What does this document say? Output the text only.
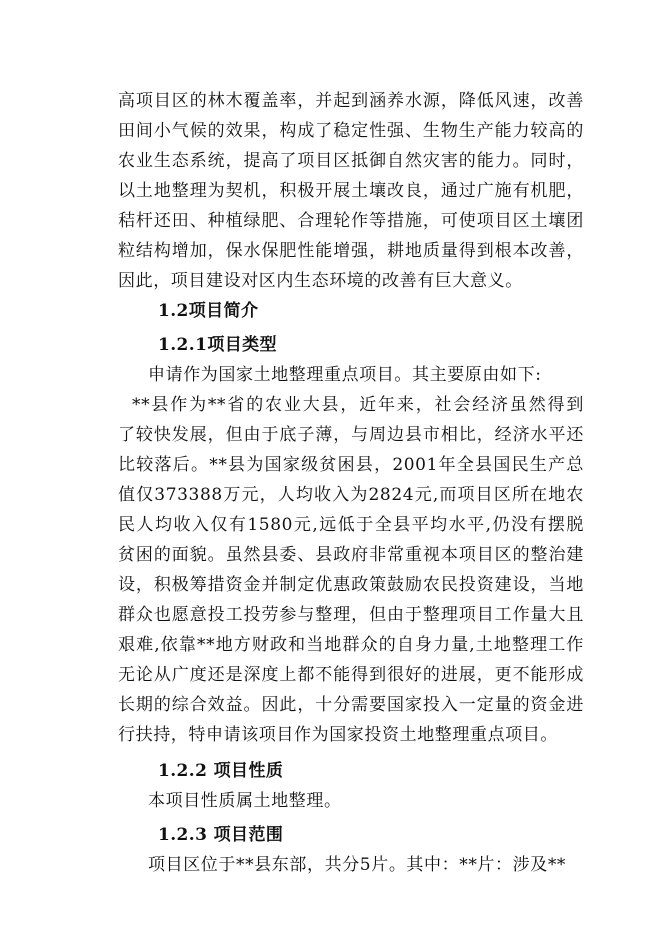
高项目区的林木覆盖率，并起到涵养水源，降低风速，改善
田间小气候的效果，构成了稳定性强、生物生产能力较高的
农业生态系统，提高了项目区抵御自然灾害的能力。同时，
以土地整理为契机，积极开展土壤改良，通过广施有机肥，
秸杆还田、种植绿肥、合理轮作等措施，可使项目区土壤团
粒结构增加，保水保肥性能增强，耕地质量得到根本改善，
因此，项目建设对区内生态环境的改善有巨大意义。
1.2项目简介
1.2.1项目类型
申请作为国家土地整理重点项目。其主要原由如下:
**县作为**省的农业大县，近年来，社会经济虽然得到
了较快发展，但由于底子薄，与周边县市相比，经济水平还
比较落后。**县为国家级贫困县，2001年全县国民生产总
值仅373388万元，人均收入为2824元,而项目区所在地农
民人均收入仅有1580元,远低于全县平均水平,仍没有摆脱
贫困的面貌。虽然县委、县政府非常重视本项目区的整治建
设，积极筹措资金并制定优惠政策鼓励农民投资建设，当地
群众也愿意投工投劳参与整理，但由于整理项目工作量大且
艰难,依靠**地方财政和当地群众的自身力量,土地整理工作
无论从广度还是深度上都不能得到很好的进展，更不能形成
长期的综合效益。因此，十分需要国家投入一定量的资金进
行扶持，特申请该项目作为国家投资土地整理重点项目。
1.2.2 项目性质
本项目性质属土地整理。
1.2.3 项目范围
项目区位于**县东部，共分5片。其中：**片：涉及**
